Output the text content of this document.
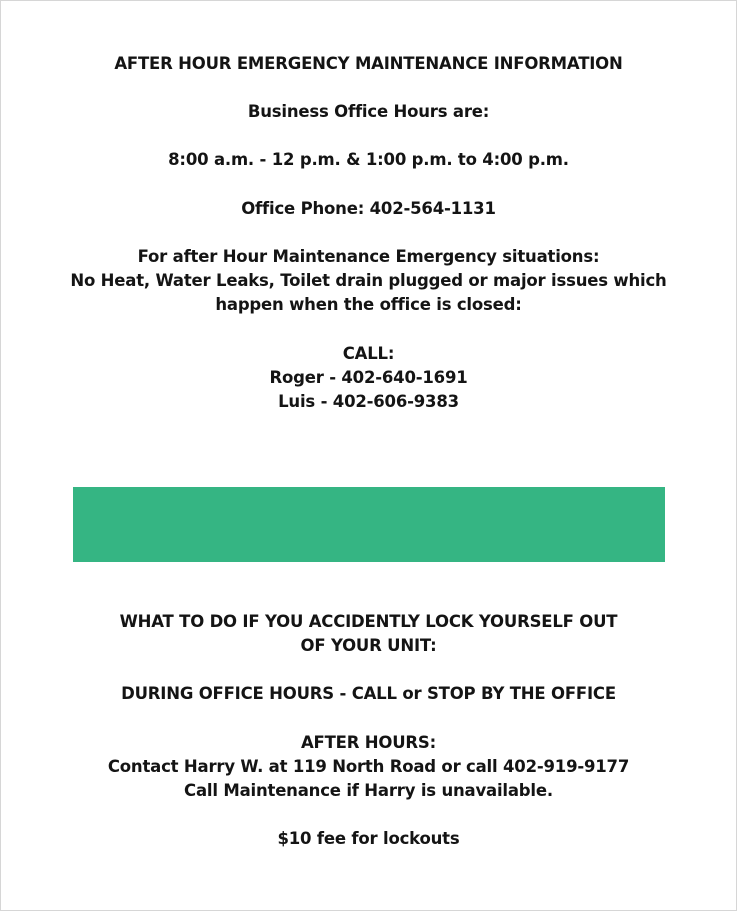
AFTER HOUR EMERGENCY MAINTENANCE INFORMATION
Business Office Hours are:
8:00 a.m. - 12 p.m. & 1:00 p.m. to 4:00 p.m.
Office Phone: 402-564-1131
For after Hour Maintenance Emergency situations:
No Heat, Water Leaks, Toilet drain plugged or major issues which
happen when the office is closed:
CALL:
Roger - 402-640-1691
Luis - 402-606-9383
WHAT TO DO IF YOU ACCIDENTLY LOCK YOURSELF OUT
OF YOUR UNIT:
DURING OFFICE HOURS - CALL or STOP BY THE OFFICE
AFTER HOURS:
Contact Harry W. at 119 North Road or call 402-919-9177
Call Maintenance if Harry is unavailable.
$10 fee for lockouts
